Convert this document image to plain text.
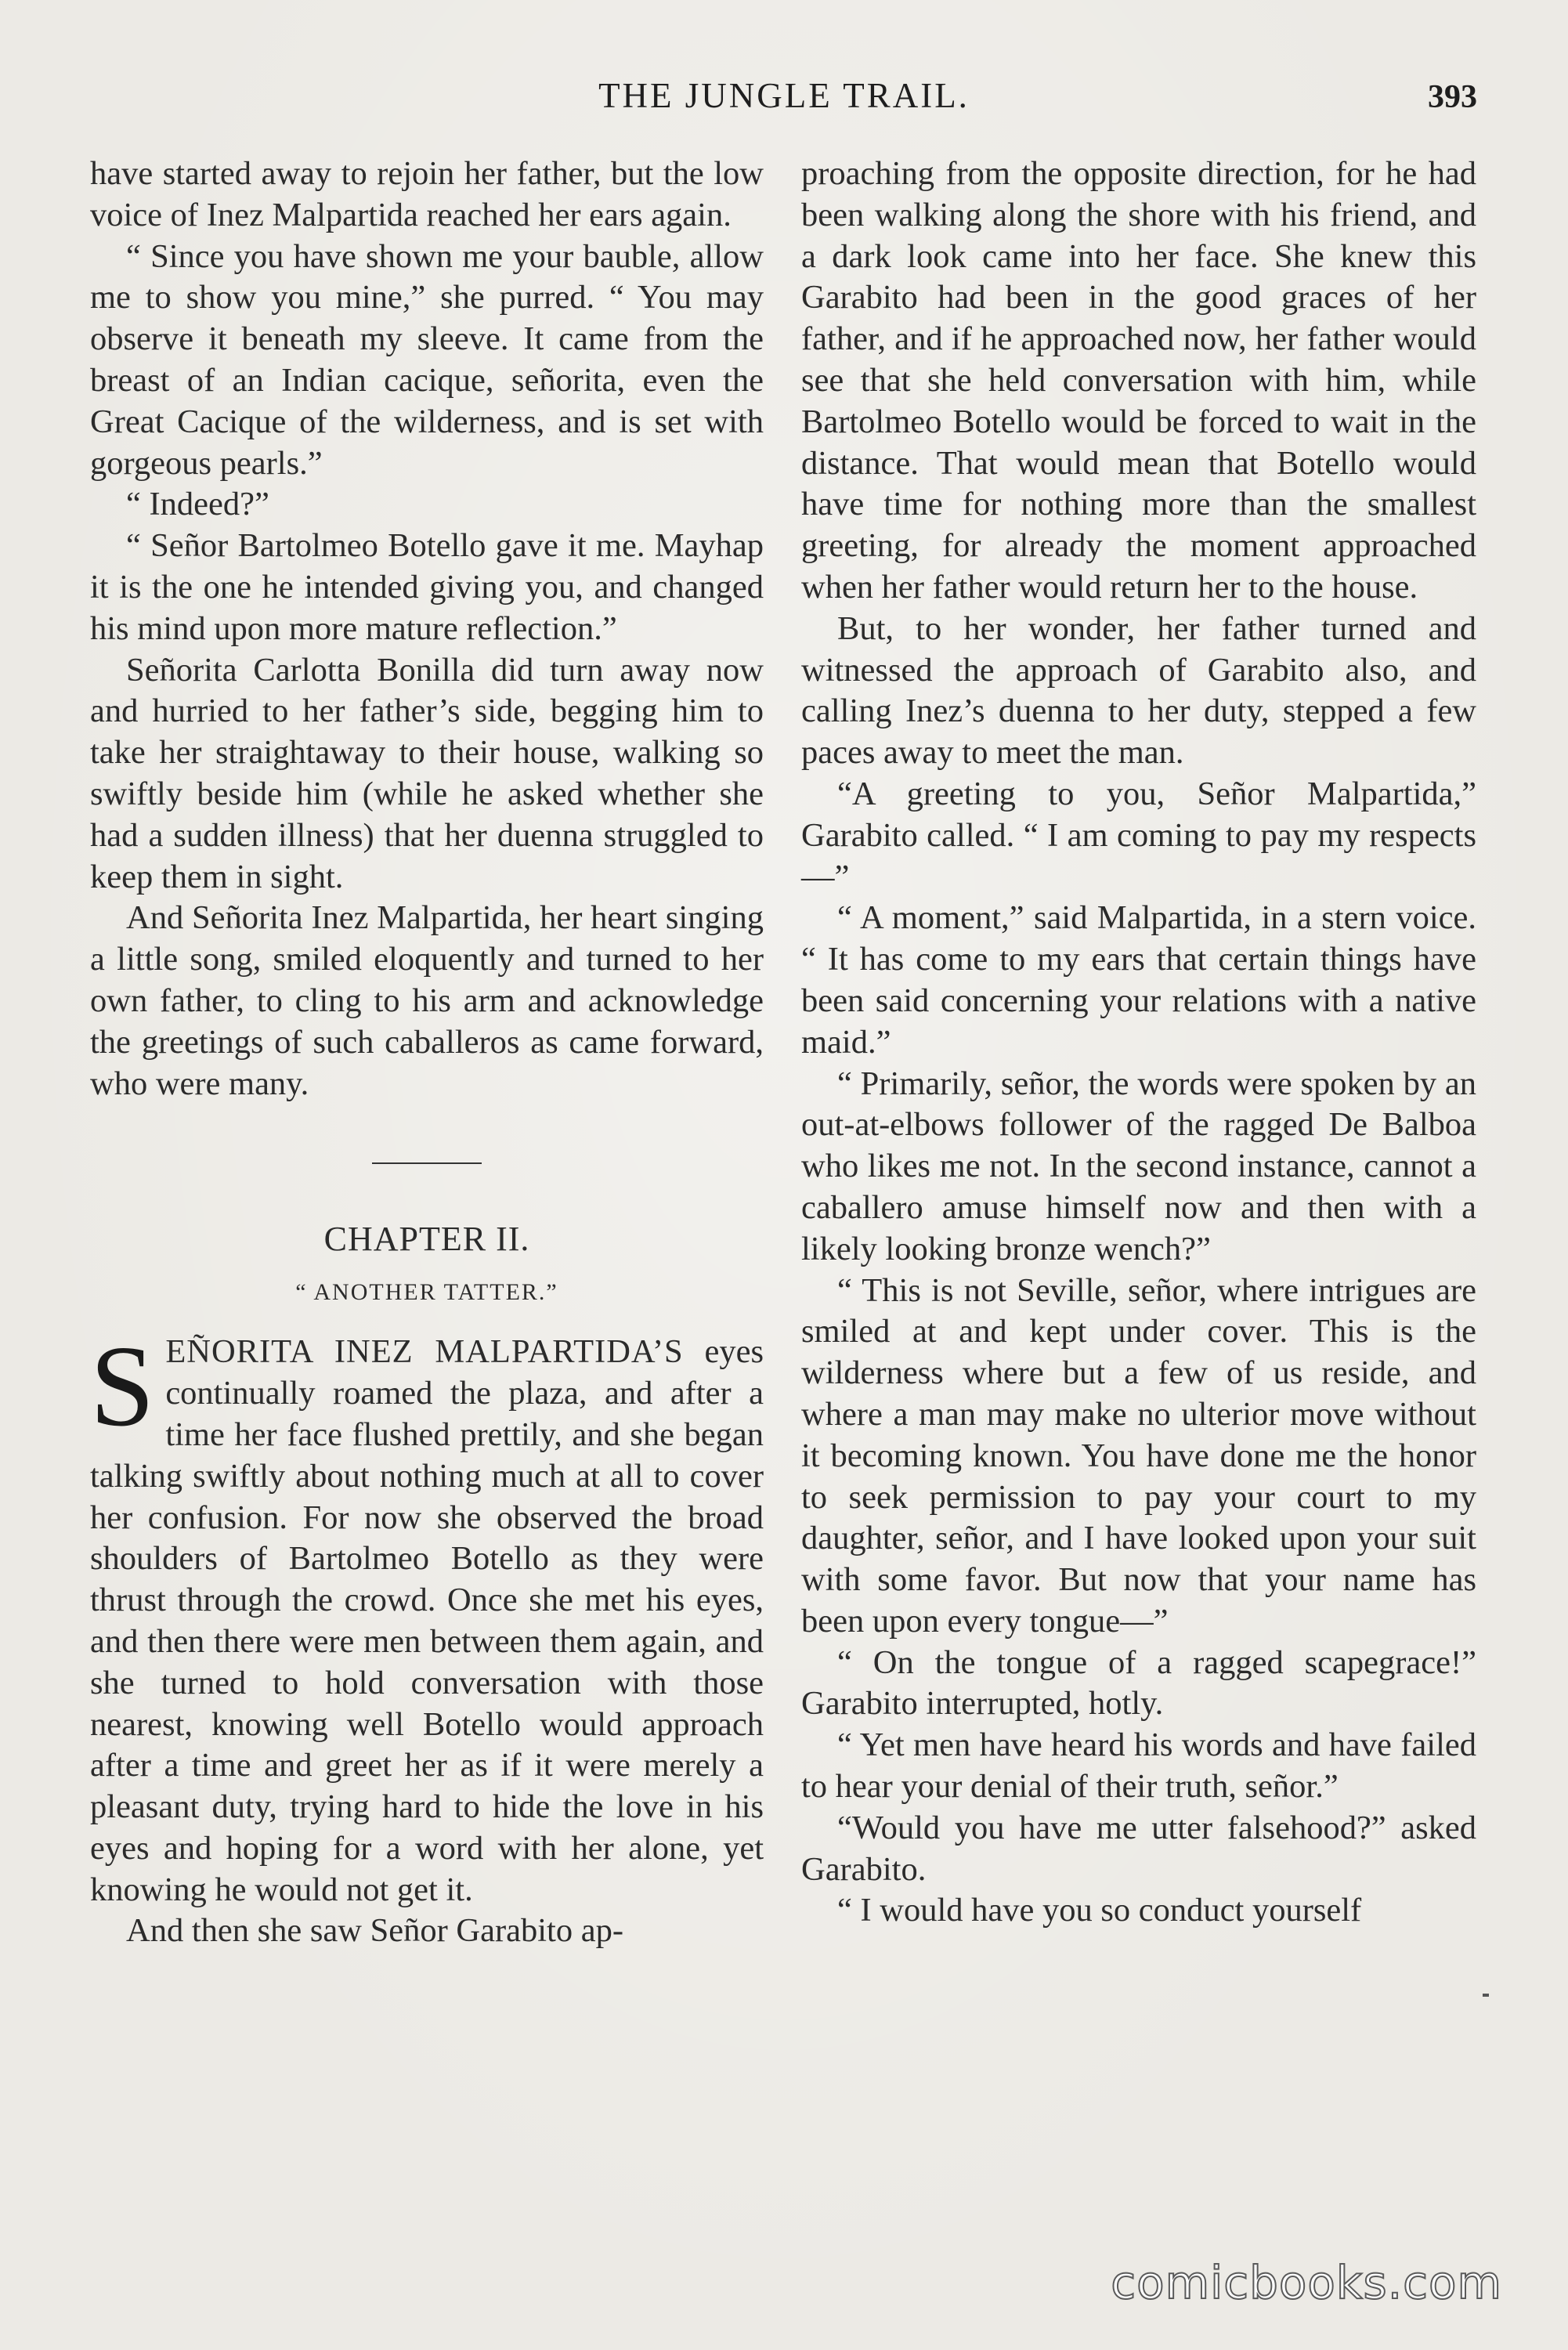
THE JUNGLE TRAIL.	393

have started away to rejoin her father, but the low voice of Inez Malpartida reached her ears again.

“ Since you have shown me your bauble, allow me to show you mine,” she purred. “ You may observe it beneath my sleeve. It came from the breast of an Indian cacique, señorita, even the Great Cacique of the wilderness, and is set with gorgeous pearls.”

“ Indeed?”

“ Señor Bartolmeo Botello gave it me. Mayhap it is the one he intended giving you, and changed his mind upon more mature reflection.”

Señorita Carlotta Bonilla did turn away now and hurried to her father’s side, begging him to take her straightaway to their house, walking so swiftly beside him (while he asked whether she had a sudden illness) that her duenna struggled to keep them in sight.

And Señorita Inez Malpartida, her heart singing a little song, smiled eloquently and turned to her own father, to cling to his arm and acknowledge the greetings of such caballeros as came forward, who were many.

CHAPTER II.
“ ANOTHER TATTER.”

SEÑORITA INEZ MALPARTIDA’S eyes continually roamed the plaza, and after a time her face flushed prettily, and she began talking swiftly about nothing much at all to cover her confusion. For now she observed the broad shoulders of Bartolmeo Botello as they were thrust through the crowd. Once she met his eyes, and then there were men between them again, and she turned to hold conversation with those nearest, knowing well Botello would approach after a time and greet her as if it were merely a pleasant duty, trying hard to hide the love in his eyes and hoping for a word with her alone, yet knowing he would not get it.

And then she saw Señor Garabito ap-

proaching from the opposite direction, for he had been walking along the shore with his friend, and a dark look came into her face. She knew this Garabito had been in the good graces of her father, and if he approached now, her father would see that she held conversation with him, while Bartolmeo Botello would be forced to wait in the distance. That would mean that Botello would have time for nothing more than the smallest greeting, for already the moment approached when her father would return her to the house.

But, to her wonder, her father turned and witnessed the approach of Garabito also, and calling Inez’s duenna to her duty, stepped a few paces away to meet the man.

“A greeting to you, Señor Malpartida,” Garabito called. “ I am coming to pay my respects—”

“ A moment,” said Malpartida, in a stern voice. “ It has come to my ears that certain things have been said concerning your relations with a native maid.”

“ Primarily, señor, the words were spoken by an out-at-elbows follower of the ragged De Balboa who likes me not. In the second instance, cannot a caballero amuse himself now and then with a likely looking bronze wench?”

“ This is not Seville, señor, where intrigues are smiled at and kept under cover. This is the wilderness where but a few of us reside, and where a man may make no ulterior move without it becoming known. You have done me the honor to seek permission to pay your court to my daughter, señor, and I have looked upon your suit with some favor. But now that your name has been upon every tongue—”

“ On the tongue of a ragged scapegrace!” Garabito interrupted, hotly.

“ Yet men have heard his words and have failed to hear your denial of their truth, señor.”

“Would you have me utter falsehood?” asked Garabito.

“ I would have you so conduct yourself

comicbooks.com
